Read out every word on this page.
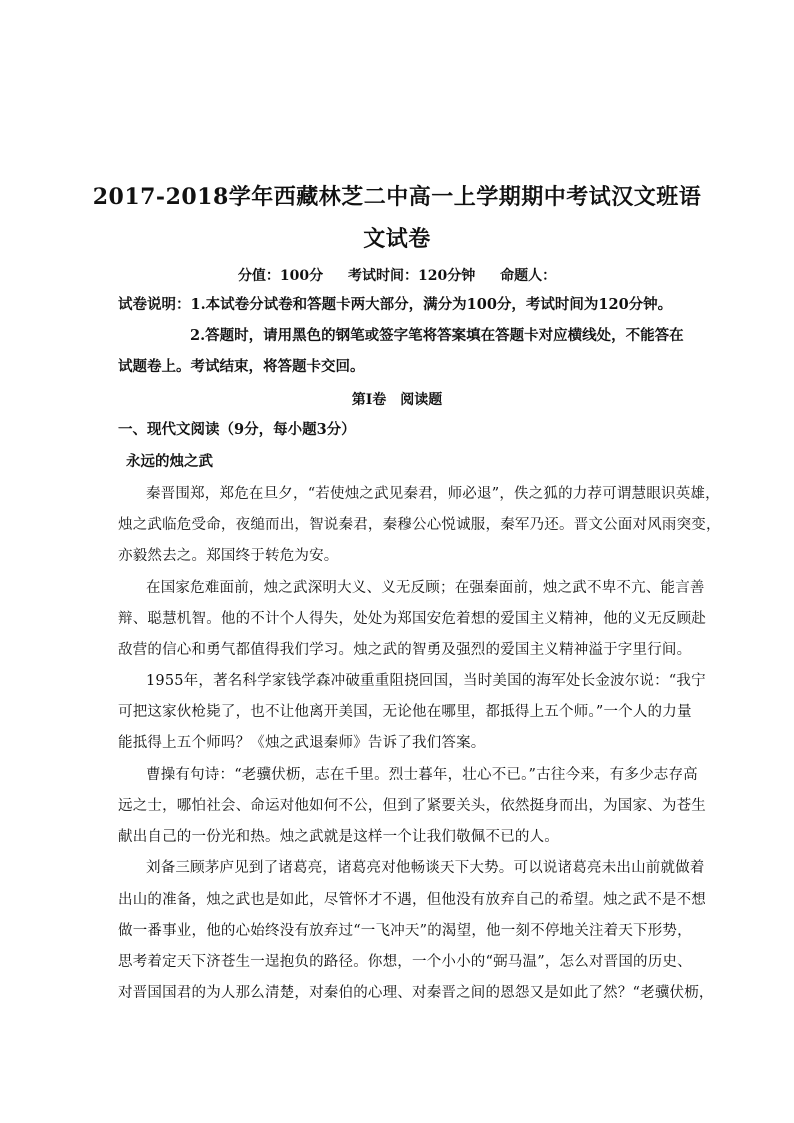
2017-2018学年西藏林芝二中高一上学期期中考试汉文班语
文试卷
分值：100分 考试时间：120分钟 命题人：
试卷说明：1.本试卷分试卷和答题卡两大部分，满分为100分，考试时间为120分钟。
2.答题时，请用黑色的钢笔或签字笔将答案填在答题卡对应横线处，不能答在
试题卷上。考试结束，将答题卡交回。
第Ⅰ卷　阅读题
一、现代文阅读（9分，每小题3分）
永远的烛之武
秦晋围郑，郑危在旦夕，“若使烛之武见秦君，师必退”，佚之狐的力荐可谓慧眼识英雄，
烛之武临危受命，夜缒而出，智说秦君，秦穆公心悦诚服，秦军乃还。晋文公面对风雨突变，
亦毅然去之。郑国终于转危为安。
在国家危难面前，烛之武深明大义、义无反顾；在强秦面前，烛之武不卑不亢、能言善
辩、聪慧机智。他的不计个人得失，处处为郑国安危着想的爱国主义精神，他的义无反顾赴
敌营的信心和勇气都值得我们学习。烛之武的智勇及强烈的爱国主义精神溢于字里行间。
1955年，著名科学家钱学森冲破重重阻挠回国，当时美国的海军处长金波尔说：“我宁
可把这家伙枪毙了，也不让他离开美国，无论他在哪里，都抵得上五个师。”一个人的力量
能抵得上五个师吗？《烛之武退秦师》告诉了我们答案。
曹操有句诗：“老骥伏枥，志在千里。烈士暮年，壮心不已。”古往今来，有多少志存高
远之士，哪怕社会、命运对他如何不公，但到了紧要关头，依然挺身而出，为国家、为苍生
献出自己的一份光和热。烛之武就是这样一个让我们敬佩不已的人。
刘备三顾茅庐见到了诸葛亮，诸葛亮对他畅谈天下大势。可以说诸葛亮未出山前就做着
出山的准备，烛之武也是如此，尽管怀才不遇，但他没有放弃自己的希望。烛之武不是不想
做一番事业，他的心始终没有放弃过“一飞冲天”的渴望，他一刻不停地关注着天下形势，
思考着定天下济苍生一逞抱负的路径。你想，一个小小的“弼马温”，怎么对晋国的历史、
对晋国国君的为人那么清楚，对秦伯的心理、对秦晋之间的恩怨又是如此了然？“老骥伏枥，
